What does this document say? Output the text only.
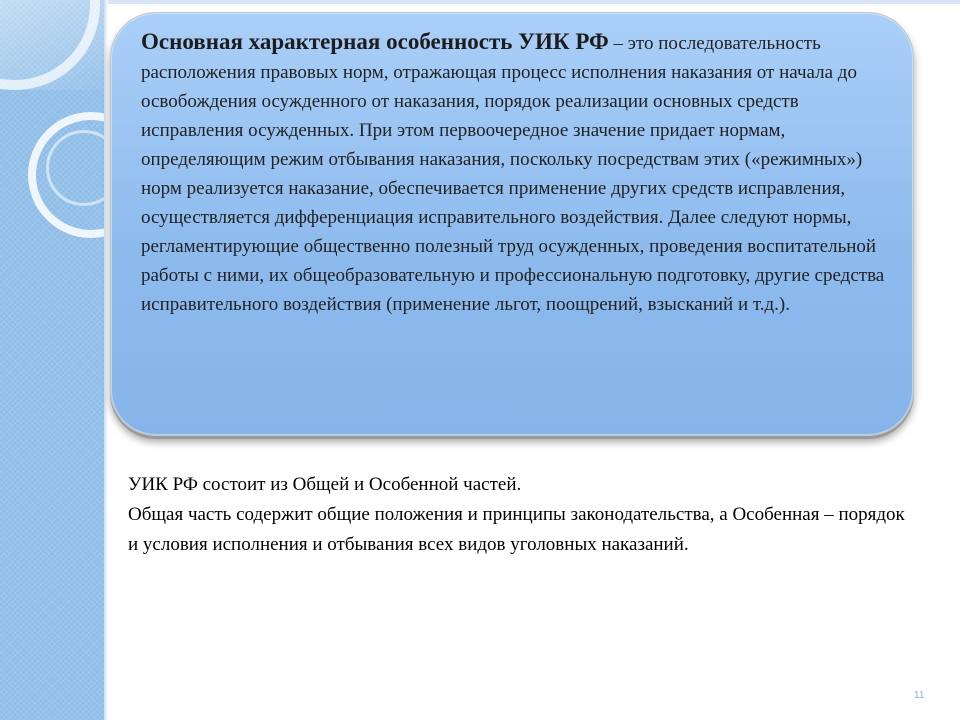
Основная характерная особенность УИК РФ – это последовательность расположения правовых норм, отражающая процесс исполнения наказания от начала до освобождения осужденного от наказания, порядок реализации основных средств исправления осужденных. При этом первоочередное значение придает нормам, определяющим режим отбывания наказания, поскольку посредствам этих («режимных») норм реализуется наказание, обеспечивается применение других средств исправления, осуществляется дифференциация исправительного воздействия. Далее следуют нормы, регламентирующие общественно полезный труд осужденных, проведения воспитательной работы с ними, их общеобразовательную и профессиональную подготовку, другие средства исправительного воздействия (применение льгот, поощрений, взысканий и т.д.).

УИК РФ состоит из Общей и Особенной частей.
Общая часть содержит общие положения и принципы законодательства, а Особенная – порядок и условия исполнения и отбывания всех видов уголовных наказаний.
11
